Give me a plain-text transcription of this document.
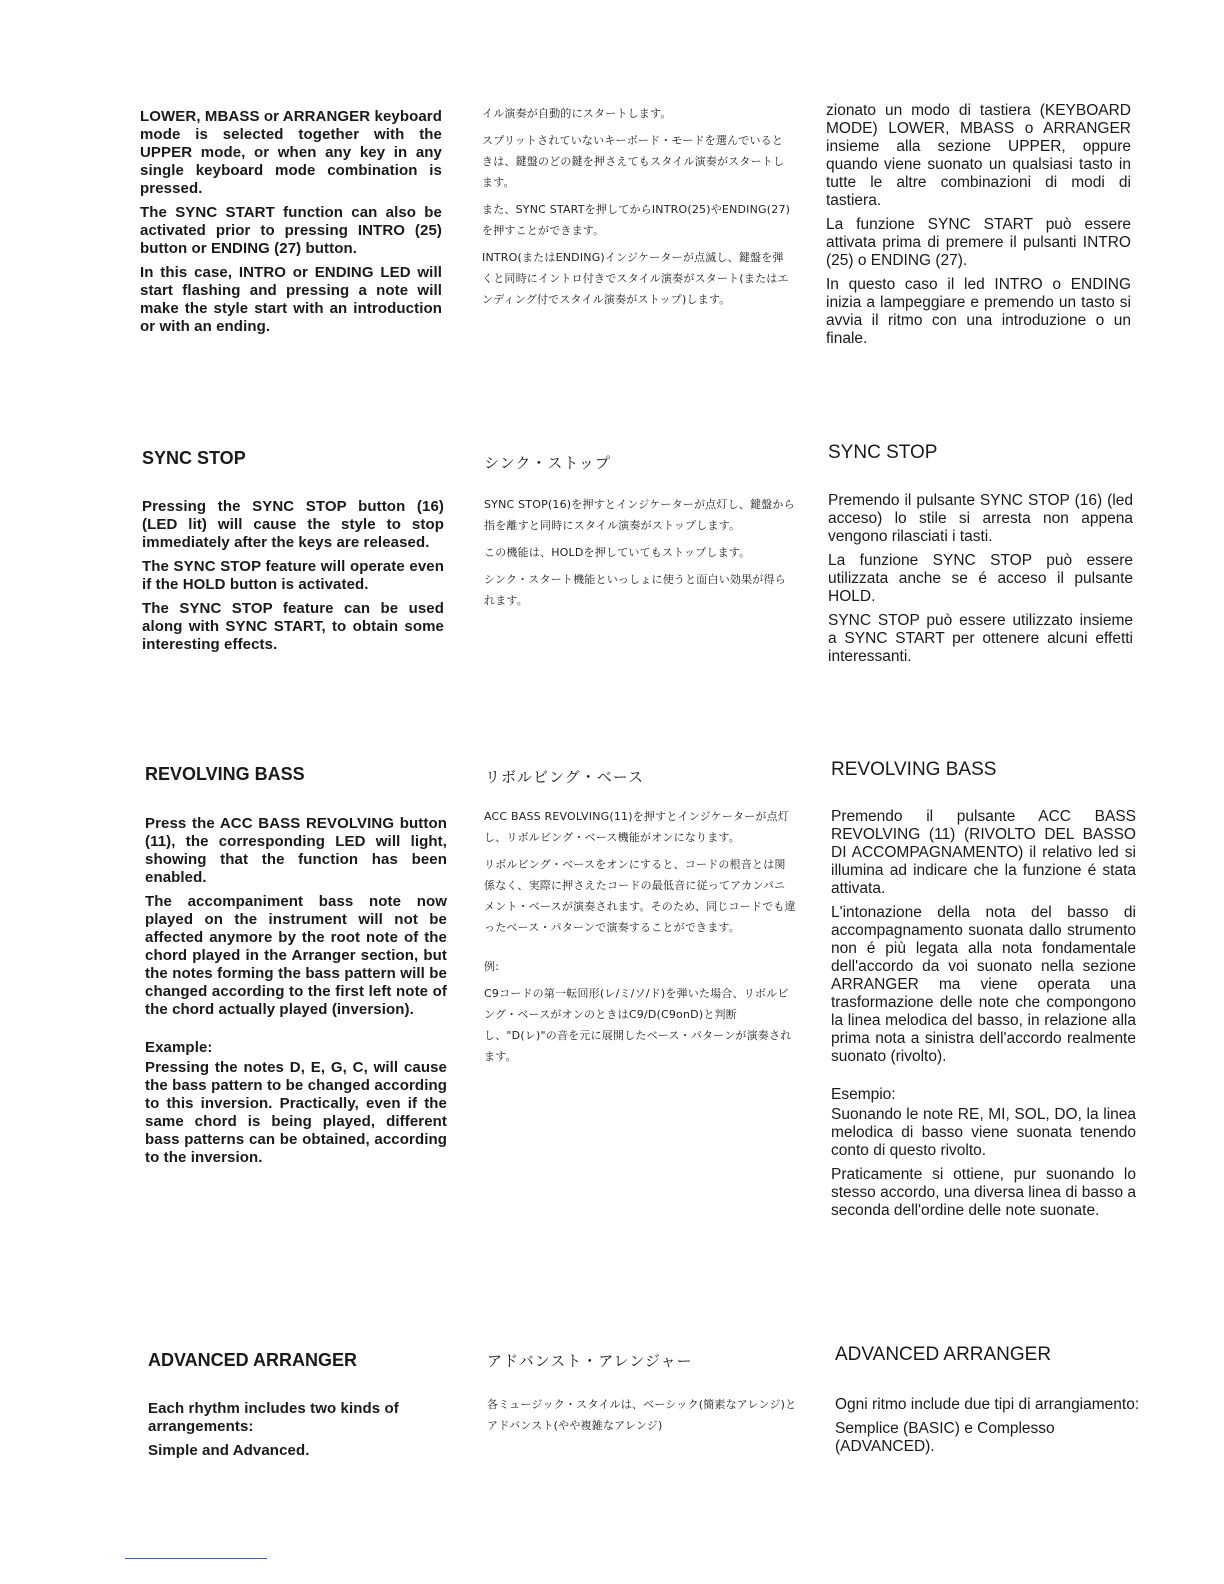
LOWER, MBASS or ARRANGER keyboard mode is selected together with the UPPER mode, or when any key in any single keyboard mode combination is pressed.

The SYNC START function can also be activated prior to pressing INTRO (25) button or ENDING (27) button.

In this case, INTRO or ENDING LED will start flashing and pressing a note will make the style start with an introduction or with an ending.

イル演奏が自動的にスタートします。

スプリットされていないキーボード・モードを選んでいるときは、鍵盤のどの鍵を押さえてもスタイル演奏がスタートします。

また、SYNC STARTを押してからINTRO(25)やENDING(27)を押すことができます。

INTRO(またはENDING)インジケーターが点滅し、鍵盤を弾くと同時にイントロ付きでスタイル演奏がスタート(またはエンディング付でスタイル演奏がストップ)します。

zionato un modo di tastiera (KEYBOARD MODE) LOWER, MBASS o ARRANGER insieme alla sezione UPPER, oppure quando viene suonato un qualsiasi tasto in tutte le altre combinazioni di modi di tastiera.

La funzione SYNC START può essere attivata prima di premere il pulsanti INTRO (25) o ENDING (27).

In questo caso il led INTRO o ENDING inizia a lampeggiare e premendo un tasto si avvia il ritmo con una introduzione o un finale.

SYNC STOP	シンク・ストップ	SYNC STOP

Pressing the SYNC STOP button (16) (LED lit) will cause the style to stop immediately after the keys are released.

The SYNC STOP feature will operate even if the HOLD button is activated.

The SYNC STOP feature can be used along with SYNC START, to obtain some interesting effects.

SYNC STOP(16)を押すとインジケーターが点灯し、鍵盤から指を離すと同時にスタイル演奏がストップします。

この機能は、HOLDを押していてもストップします。

シンク・スタート機能といっしょに使うと面白い効果が得られます。

Premendo il pulsante SYNC STOP (16) (led acceso) lo stile si arresta non appena vengono rilasciati i tasti.

La funzione SYNC STOP può essere utilizzata anche se é acceso il pulsante HOLD.

SYNC STOP può essere utilizzato insieme a SYNC START per ottenere alcuni effetti interessanti.

REVOLVING BASS	リボルビング・ベース	REVOLVING BASS

Press the ACC BASS REVOLVING button (11), the corresponding LED will light, showing that the function has been enabled.

The accompaniment bass note now played on the instrument will not be affected anymore by the root note of the chord played in the Arranger section, but the notes forming the bass pattern will be changed according to the first left note of the chord actually played (inversion).

Example:

Pressing the notes D, E, G, C, will cause the bass pattern to be changed according to this inversion. Practically, even if the same chord is being played, different bass patterns can be obtained, according to the inversion.

ACC BASS REVOLVING(11)を押すとインジケーターが点灯し、リボルビング・ベース機能がオンになります。

リボルビング・ベースをオンにすると、コードの根音とは関係なく、実際に押さえたコードの最低音に従ってアカンパニメント・ベースが演奏されます。そのため、同じコードでも違ったベース・パターンで演奏することができます。

例:

C9コードの第一転回形(レ/ミ/ソ/ド)を弾いた場合、リボルビング・ベースがオンのときはC9/D(C9onD)と判断し、"D(レ)"の音を元に展開したベース・パターンが演奏されます。

Premendo il pulsante ACC BASS REVOLVING (11) (RIVOLTO DEL BASSO DI ACCOMPAGNAMENTO) il relativo led si illumina ad indicare che la funzione é stata attivata.

L'intonazione della nota del basso di accompagnamento suonata dallo strumento non é più legata alla nota fondamentale dell'accordo da voi suonato nella sezione ARRANGER ma viene operata una trasformazione delle note che compongono la linea melodica del basso, in relazione alla prima nota a sinistra dell'accordo realmente suonato (rivolto).

Esempio:

Suonando le note RE, MI, SOL, DO, la linea melodica di basso viene suonata tenendo conto di questo rivolto.

Praticamente si ottiene, pur suonando lo stesso accordo, una diversa linea di basso a seconda dell'ordine delle note suonate.

ADVANCED ARRANGER	アドバンスト・アレンジャー	ADVANCED ARRANGER

Each rhythm includes two kinds of arrangements:

Simple and Advanced.

各ミュージック・スタイルは、ベーシック(簡素なアレンジ)とアドバンスト(やや複雑なアレンジ)

Ogni ritmo include due tipi di arrangiamento:

Semplice (BASIC) e Complesso (ADVANCED).
